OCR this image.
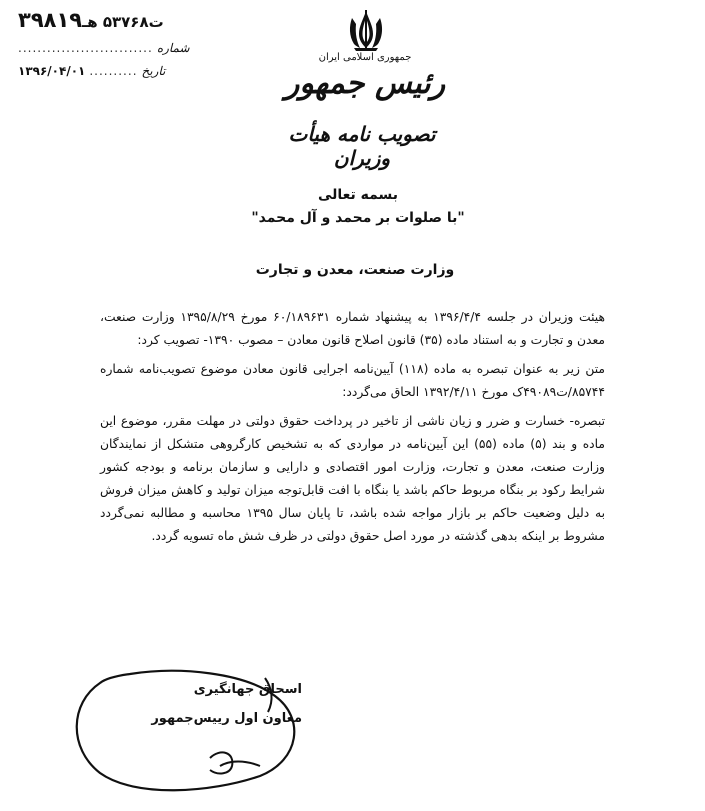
ت۵۳۷۶۸ هـ۳۹۸۱۹
شماره
............................
تاریخ
..........
۱۳۹۶/۰۴/۰۱
جمهوری اسلامی ایران
رئیس جمهور
تصویب نامه هیأت وزیران
بسمه تعالی
"با صلوات بر محمد و آل محمد"
وزارت صنعت، معدن و تجارت

هیئت وزیران در جلسه ۱۳۹۶/۴/۴ به پیشنهاد شماره ۶۰/۱۸۹۶۳۱ مورخ ۱۳۹۵/۸/۲۹ وزارت صنعت، معدن و تجارت و به استناد ماده (۳۵) قانون اصلاح قانون معادن – مصوب ۱۳۹۰- تصویب کرد:

متن زیر به عنوان تبصره به ماده (۱۱۸) آیین‌نامه اجرایی قانون معادن موضوع تصویب‌نامه شماره ۸۵۷۴۴/ت۴۹۰۸۹ک مورخ ۱۳۹۲/۴/۱۱ الحاق می‌گردد:

تبصره- خسارت و ضرر و زیان ناشی از تاخیر در پرداخت حقوق دولتی در مهلت مقرر، موضوع این ماده و بند (۵) ماده (۵۵) این آیین‌نامه در مواردی که به تشخیص کارگروهی متشکل از نمایندگان وزارت صنعت، معدن و تجارت، وزارت امور اقتصادی و دارایی و سازمان برنامه و بودجه کشور شرایط رکود بر بنگاه مربوط حاکم باشد یا بنگاه با افت قابل‌توجه میزان تولید و کاهش میزان فروش به دلیل وضعیت حاکم بر بازار مواجه شده باشد، تا پایان سال ۱۳۹۵ محاسبه و مطالبه نمی‌گردد مشروط بر اینکه بدهی گذشته در مورد اصل حقوق دولتی در ظرف شش ماه تسویه گردد.

اسحاق جهانگیری
معاون اول رییس‌جمهور
